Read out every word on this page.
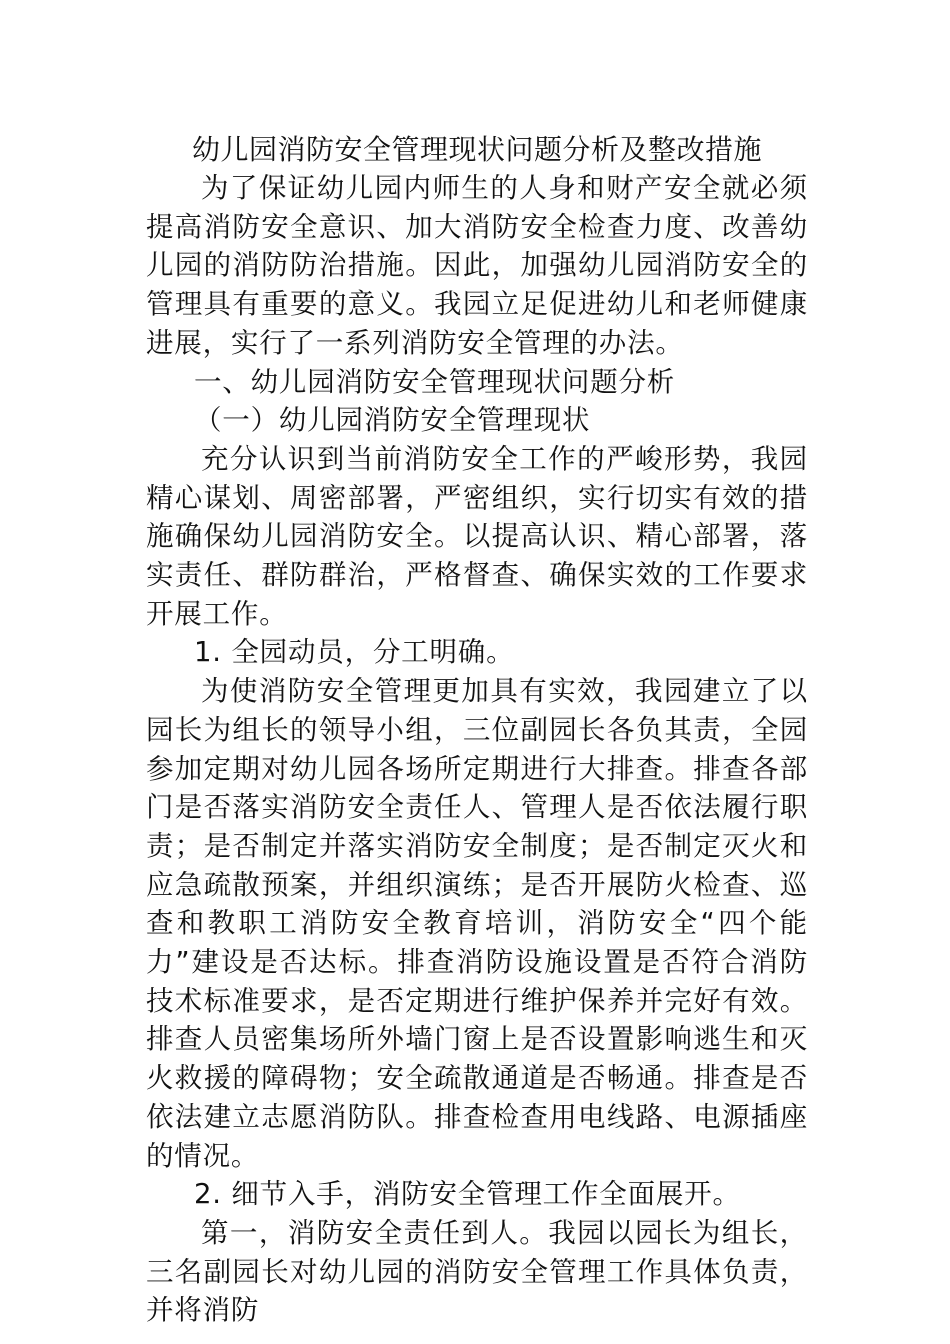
幼儿园消防安全管理现状问题分析及整改措施

为了保证幼儿园内师生的人身和财产安全就必须提高消防安全意识、加大消防安全检查力度、改善幼儿园的消防防治措施。因此，加强幼儿园消防安全的管理具有重要的意义。我园立足促进幼儿和老师健康进展，实行了一系列消防安全管理的办法。

一、幼儿园消防安全管理现状问题分析

（一）幼儿园消防安全管理现状

充分认识到当前消防安全工作的严峻形势，我园精心谋划、周密部署，严密组织，实行切实有效的措施确保幼儿园消防安全。以提高认识、精心部署，落实责任、群防群治，严格督查、确保实效的工作要求开展工作。

1. 全园动员，分工明确。

为使消防安全管理更加具有实效，我园建立了以园长为组长的领导小组，三位副园长各负其责，全园参加定期对幼儿园各场所定期进行大排查。排查各部门是否落实消防安全责任人、管理人是否依法履行职责；是否制定并落实消防安全制度；是否制定灭火和应急疏散预案，并组织演练；是否开展防火检查、巡查和教职工消防安全教育培训，消防安全“四个能力”建设是否达标。排查消防设施设置是否符合消防技术标准要求，是否定期进行维护保养并完好有效。排查人员密集场所外墙门窗上是否设置影响逃生和灭火救援的障碍物；安全疏散通道是否畅通。排查是否依法建立志愿消防队。排查检查用电线路、电源插座的情况。

2. 细节入手，消防安全管理工作全面展开。

第一，消防安全责任到人。我园以园长为组长，三名副园长对幼儿园的消防安全管理工作具体负责，并将消防
